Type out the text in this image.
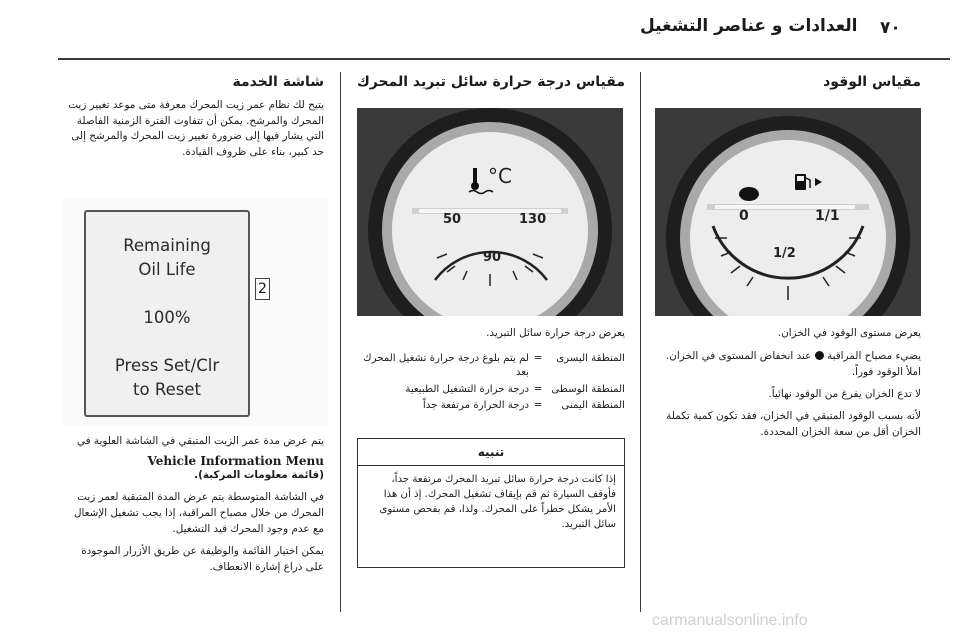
٧٠
العدادات و عناصر التشغيل
مقياس الوقود
0	1/1
1/2

يعرض مستوى الوقود في الخزان.

يضيء مصباح المراقبة  عند انخفاض المستوى في الخزان. املأ الوقود فوراً.

لا تدع الخزان يفرغ من الوقود نهائياً.

لأنه بسبب الوقود المتبقي في الخزان، فقد تكون كمية تكملة الخزان أقل من سعة الخزان المحددة.

مقياس درجة حرارة سائل تبريد المحرك
°C
50	130
90

يعرض درجة حرارة سائل التبريد.

المنطقة اليسرى
=
لم يتم بلوغ درجة حرارة تشغيل المحرك بعد
المنطقة الوسطى
=
درجة حرارة التشغيل الطبيعية
المنطقة اليمنى
=
درجة الحرارة مرتفعة جداً
تنبيه
إذا كانت درجة حرارة سائل تبريد المحرك مرتفعة جداً، فأوقف السيارة ثم قم بإيقاف تشغيل المحرك. إذ أن هذا الأمر يشكل خطراً على المحرك. ولذا، قم بفحص مستوى سائل التبريد.
شاشة الخدمة

يتيح لك نظام عمر زيت المحرك معرفة متى موعد تغيير زيت المحرك والمرشح. يمكن أن تتفاوت الفترة الزمنية الفاصلة التي يشار فيها إلى ضرورة تغيير زيت المحرك والمرشح إلى حد كبير، بناء على ظروف القيادة.

Remaining
Oil Life
100%
Press Set/Clr
to Reset
2

يتم عرض مدة عمر الزيت المتبقي في الشاشة العلوية في

Vehicle Information Menu

(قائمة معلومات المركبة).

في الشاشة المتوسطة يتم عرض المدة المتبقية لعمر زيت المحرك من خلال مصباح المراقبة، إذا يجب تشغيل الإشعال مع عدم وجود المحرك قيد التشغيل.

يمكن اختيار القائمة والوظيفة عن طريق الأزرار الموجودة على ذراع إشارة الانعطاف.

carmanualsonline.info
